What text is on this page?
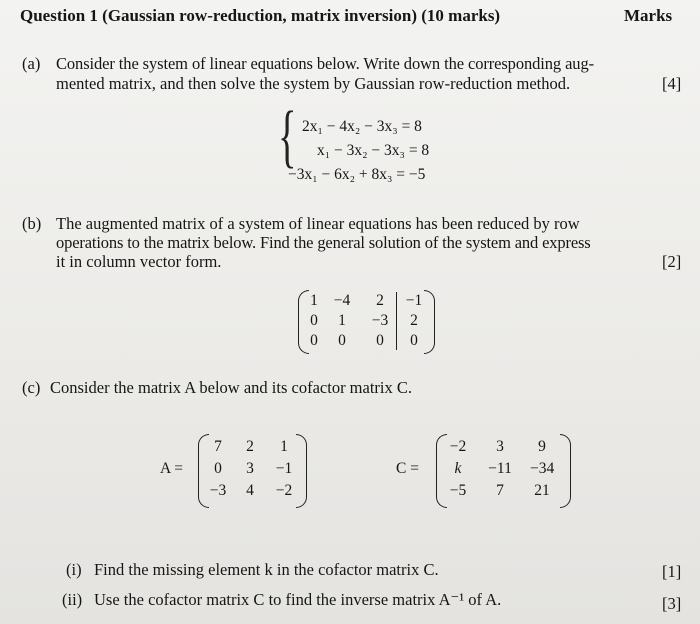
Question 1 (Gaussian row-reduction, matrix inversion) (10 marks)	Marks
(a) Consider the system of linear equations below. Write down the corresponding aug-
mented matrix, and then solve the system by Gaussian row-reduction method.	[4]
{ 2x₁ − 4x₂ − 3x₃ = 8
x₁ − 3x₂ − 3x₃ = 8
−3x₁ − 6x₂ + 8x₃ = −5
(b) The augmented matrix of a system of linear equations has been reduced by row
operations to the matrix below. Find the general solution of the system and express
it in column vector form.	[2]
1	−4	2	−1
0	1	−3	2
0	0	0	0
(c) Consider the matrix A below and its cofactor matrix C.
A =
7	2	1
0	3	−1
−3	4	−2
C =
−2	3	9
k	−11 −34
−5	7	21
(i) Find the missing element k in the cofactor matrix C.	[1]
(ii) Use the cofactor matrix C to find the inverse matrix A⁻¹ of A.	[3]
